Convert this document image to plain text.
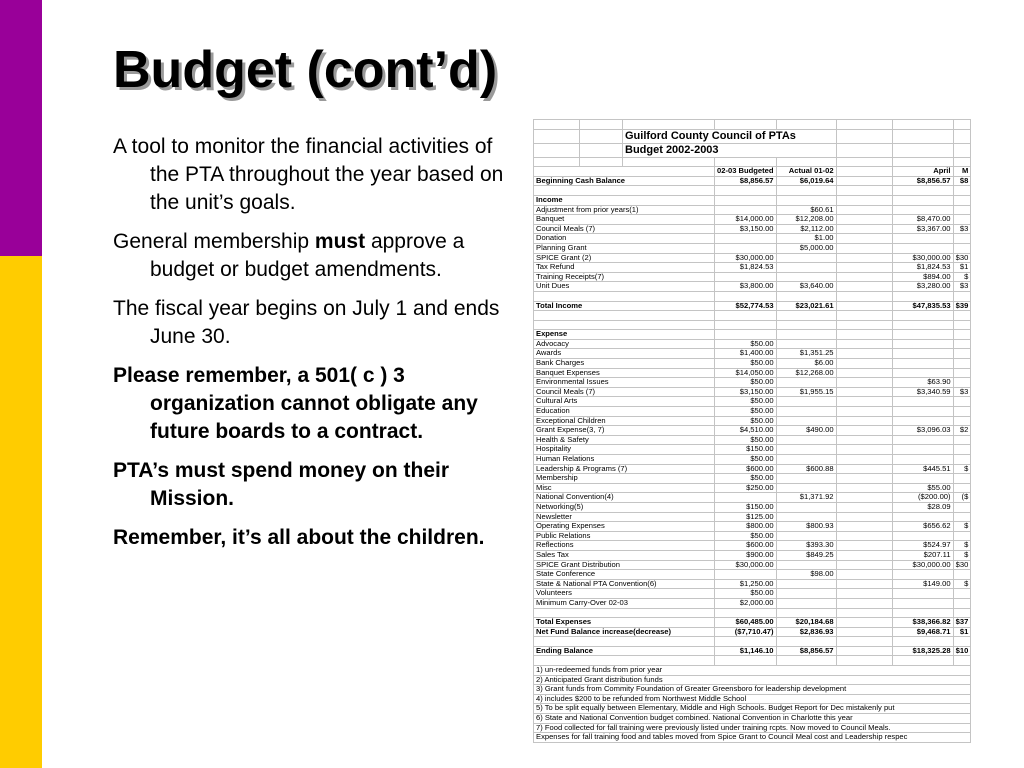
Budget (cont’d)
A tool to monitor the financial activities of the PTA throughout the year based on the unit’s goals.
General membership must approve a budget or budget amendments.
The fiscal year begins on July 1 and ends June 30.
Please remember, a 501( c ) 3 organization cannot obligate any future boards to a contract.
PTA’s must spend money on their Mission.
Remember, it’s all about the children.

		Guilford County Council of PTAs					
		Budget 2002-2003					

			02-03 Budgeted	Actual 01-02		April	M
Beginning Cash Balance			$8,856.57	$6,019.64		$8,856.57	$8

Income							
Adjustment from prior years(1)				$60.61			
Banquet			$14,000.00	$12,208.00		$8,470.00	
Council Meals (7)			$3,150.00	$2,112.00		$3,367.00	$3
Donation				$1.00			
Planning Grant				$5,000.00			
SPICE Grant (2)			$30,000.00			$30,000.00	$30
Tax Refund			$1,824.53			$1,824.53	$1
Training Receipts(7)						$894.00	$
Unit Dues			$3,800.00	$3,640.00		$3,280.00	$3

Total Income			$52,774.53	$23,021.61		$47,835.53	$39

Expense							
Advocacy			$50.00				
Awards			$1,400.00	$1,351.25			
Bank Charges			$50.00	$6.00			
Banquet Expenses			$14,050.00	$12,268.00			
Environmental Issues			$50.00			$63.90	
Council Meals (7)			$3,150.00	$1,955.15		$3,340.59	$3
Cultural Arts			$50.00				
Education			$50.00				
Exceptional Children			$50.00				
Grant Expense(3, 7)			$4,510.00	$490.00		$3,096.03	$2
Health & Safety			$50.00				
Hospitality			$150.00				
Human Relations			$50.00				
Leadership & Programs (7)			$600.00	$600.88		$445.51	$
Membership			$50.00				
Misc			$250.00			$55.00	
National Convention(4)				$1,371.92		($200.00)	($
Networking(5)			$150.00			$28.09	
Newsletter			$125.00				
Operating Expenses			$800.00	$800.93		$656.62	$
Public Relations			$50.00				
Reflections			$600.00	$393.30		$524.97	$
Sales Tax			$900.00	$849.25		$207.11	$
SPICE Grant Distribution			$30,000.00			$30,000.00	$30
State Conference				$98.00			
State & National PTA Convention(6)			$1,250.00			$149.00	$
Volunteers			$50.00				
Minimum Carry-Over 02-03			$2,000.00				

Total Expenses			$60,485.00	$20,184.68		$38,366.82	$37
Net Fund Balance increase(decrease)			($7,710.47)	$2,836.93		$9,468.71	$1

Ending Balance			$1,146.10	$8,856.57		$18,325.28	$10

1) un-redeemed funds from prior year							
2) Anticipated Grant distribution funds							
3) Grant funds from Commity Foundation of Greater Greensboro for leadership development							
4) includes $200 to be refunded from Northwest Middle School							
5) To be split equally between Elementary, Middle and High Schools. Budget Report for Dec mistakenly put							
6) State and National Convention budget combined. National Convention in Charlotte this year							
7) Food collected for fall training were previously listed under training rcpts. Now moved to Council Meals.							
Expenses for fall training food and tables moved from Spice Grant to Council Meal cost and Leadership respec							
